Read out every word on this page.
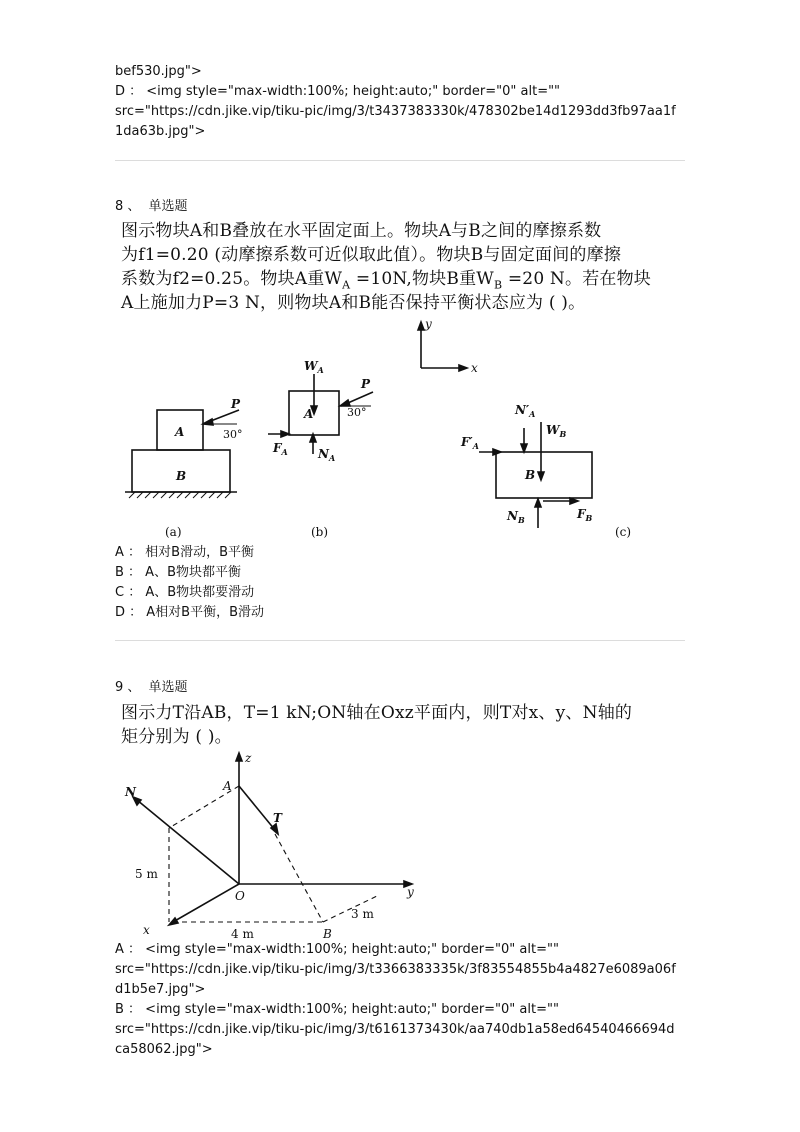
bef530.jpg">
D ： <img style="max-width:100%; height:auto;" border="0" alt=""
src="https://cdn.jike.vip/tiku-pic/img/3/t3437383330k/478302be14d1293dd3fb97aa1f
1da63b.jpg">
8 、 单选题
图示物块A和B叠放在水平固定面上。物块A与B之间的摩擦系数
为f1=0.20 (动摩擦系数可近似取此值）。物块B与固定面间的摩擦
系数为f2=0.25。物块A重$W_A =10N$,物块B重$W_B =20$ N。若在物块
A上施加力P=3 N，则物块A和B能否保持平衡状态应为 ( )。
y
x
A
B
P
30°
(a)
A
$W_A$
P
30°
$F_A$	$N_A$
(b)
$N'_A$
$W_B$
$F'_A$
B
$N_B$	$F_B$
(c)
A ： 相对B滑动，B平衡
B ： A、B物块都平衡
C ： A、B物块都要滑动
D ： A相对B平衡，B滑动
9 、 单选题
图示力T沿AB，T=1 kN;ON轴在Oxz平面内，则T对x、y、N轴的
矩分别为 ( )。
z
N	A
T
5 m
O	y
x	4 m	B
3 m
A ： <img style="max-width:100%; height:auto;" border="0" alt=""
src="https://cdn.jike.vip/tiku-pic/img/3/t3366383335k/3f83554855b4a4827e6089a06f
d1b5e7.jpg">
B ： <img style="max-width:100%; height:auto;" border="0" alt=""
src="https://cdn.jike.vip/tiku-pic/img/3/t6161373430k/aa740db1a58ed64540466694d
ca58062.jpg">
